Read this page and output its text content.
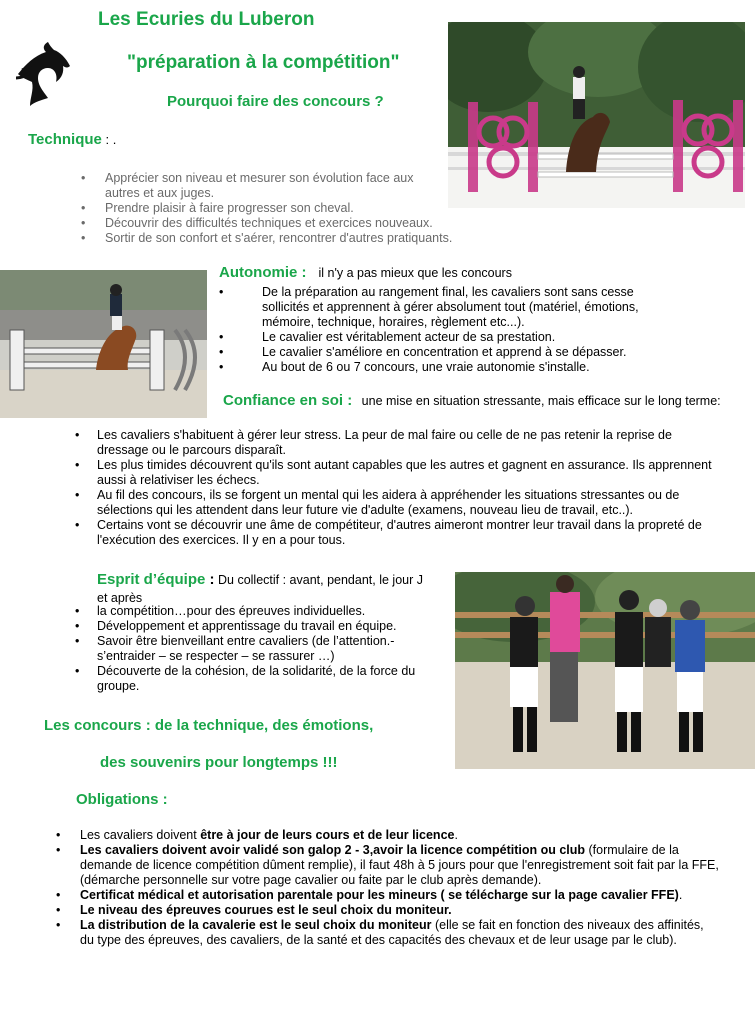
Les Ecuries du Luberon
"préparation à la compétition"
Pourquoi faire des concours ?
Technique : .
• Apprécier son niveau et mesurer son évolution face aux autres et aux juges.
• Prendre plaisir à faire progresser son cheval.
• Découvrir des difficultés techniques et exercices nouveaux.
• Sortir de son confort et s'aérer, rencontrer d'autres pratiquants.
Autonomie : il n'y a pas mieux que les concours
• De la préparation au rangement final, les cavaliers sont sans cesse sollicités et apprennent à gérer absolument tout (matériel, émotions, mémoire, technique, horaires, règlement etc...).
• Le cavalier est véritablement acteur de sa prestation.
• Le cavalier s'améliore en concentration et apprend à se dépasser.
• Au bout de 6 ou 7 concours, une vraie autonomie s'installe.
Confiance en soi : une mise en situation stressante, mais efficace sur le long terme:
• Les cavaliers s'habituent à gérer leur stress. La peur de mal faire ou celle de ne pas retenir la reprise de dressage ou le parcours disparaît.
• Les plus timides découvrent qu'ils sont autant capables que les autres et gagnent en assurance. Ils apprennent aussi à relativiser les échecs.
• Au fil des concours, ils se forgent un mental qui les aidera à appréhender les situations stressantes ou de sélections qui les attendent dans leur future vie d'adulte (examens, nouveau lieu de travail, etc..).
• Certains vont se découvrir une âme de compétiteur, d'autres aimeront montrer leur travail dans la propreté de l'exécution des exercices. Il y en a pour tous.
Esprit d’équipe : Du collectif : avant, pendant, le jour J et après
• la compétition…pour des épreuves individuelles.
• Développement et apprentissage du travail en équipe.
• Savoir être bienveillant entre cavaliers (de l’attention.- s’entraider – se respecter – se rassurer …)
• Découverte de la cohésion, de la solidarité, de la force du groupe.
Les concours : de la technique, des émotions,
des souvenirs pour longtemps !!!
Obligations :
• Les cavaliers doivent être à jour de leurs cours et de leur licence.
• Les cavaliers doivent avoir validé son galop 2 - 3,avoir la licence compétition ou club (formulaire de la demande de licence compétition dûment remplie), il faut 48h à 5 jours pour que l'enregistrement soit fait par la FFE, (démarche personnelle sur votre page cavalier ou faite par le club après demande).
• Certificat médical et autorisation parentale pour les mineurs ( se télécharge sur la page cavalier FFE).
• Le niveau des épreuves courues est le seul choix du moniteur.
• La distribution de la cavalerie est le seul choix du moniteur (elle se fait en fonction des niveaux des affinités, du type des épreuves, des cavaliers, de la santé et des capacités des chevaux et de leur usage par le club).
